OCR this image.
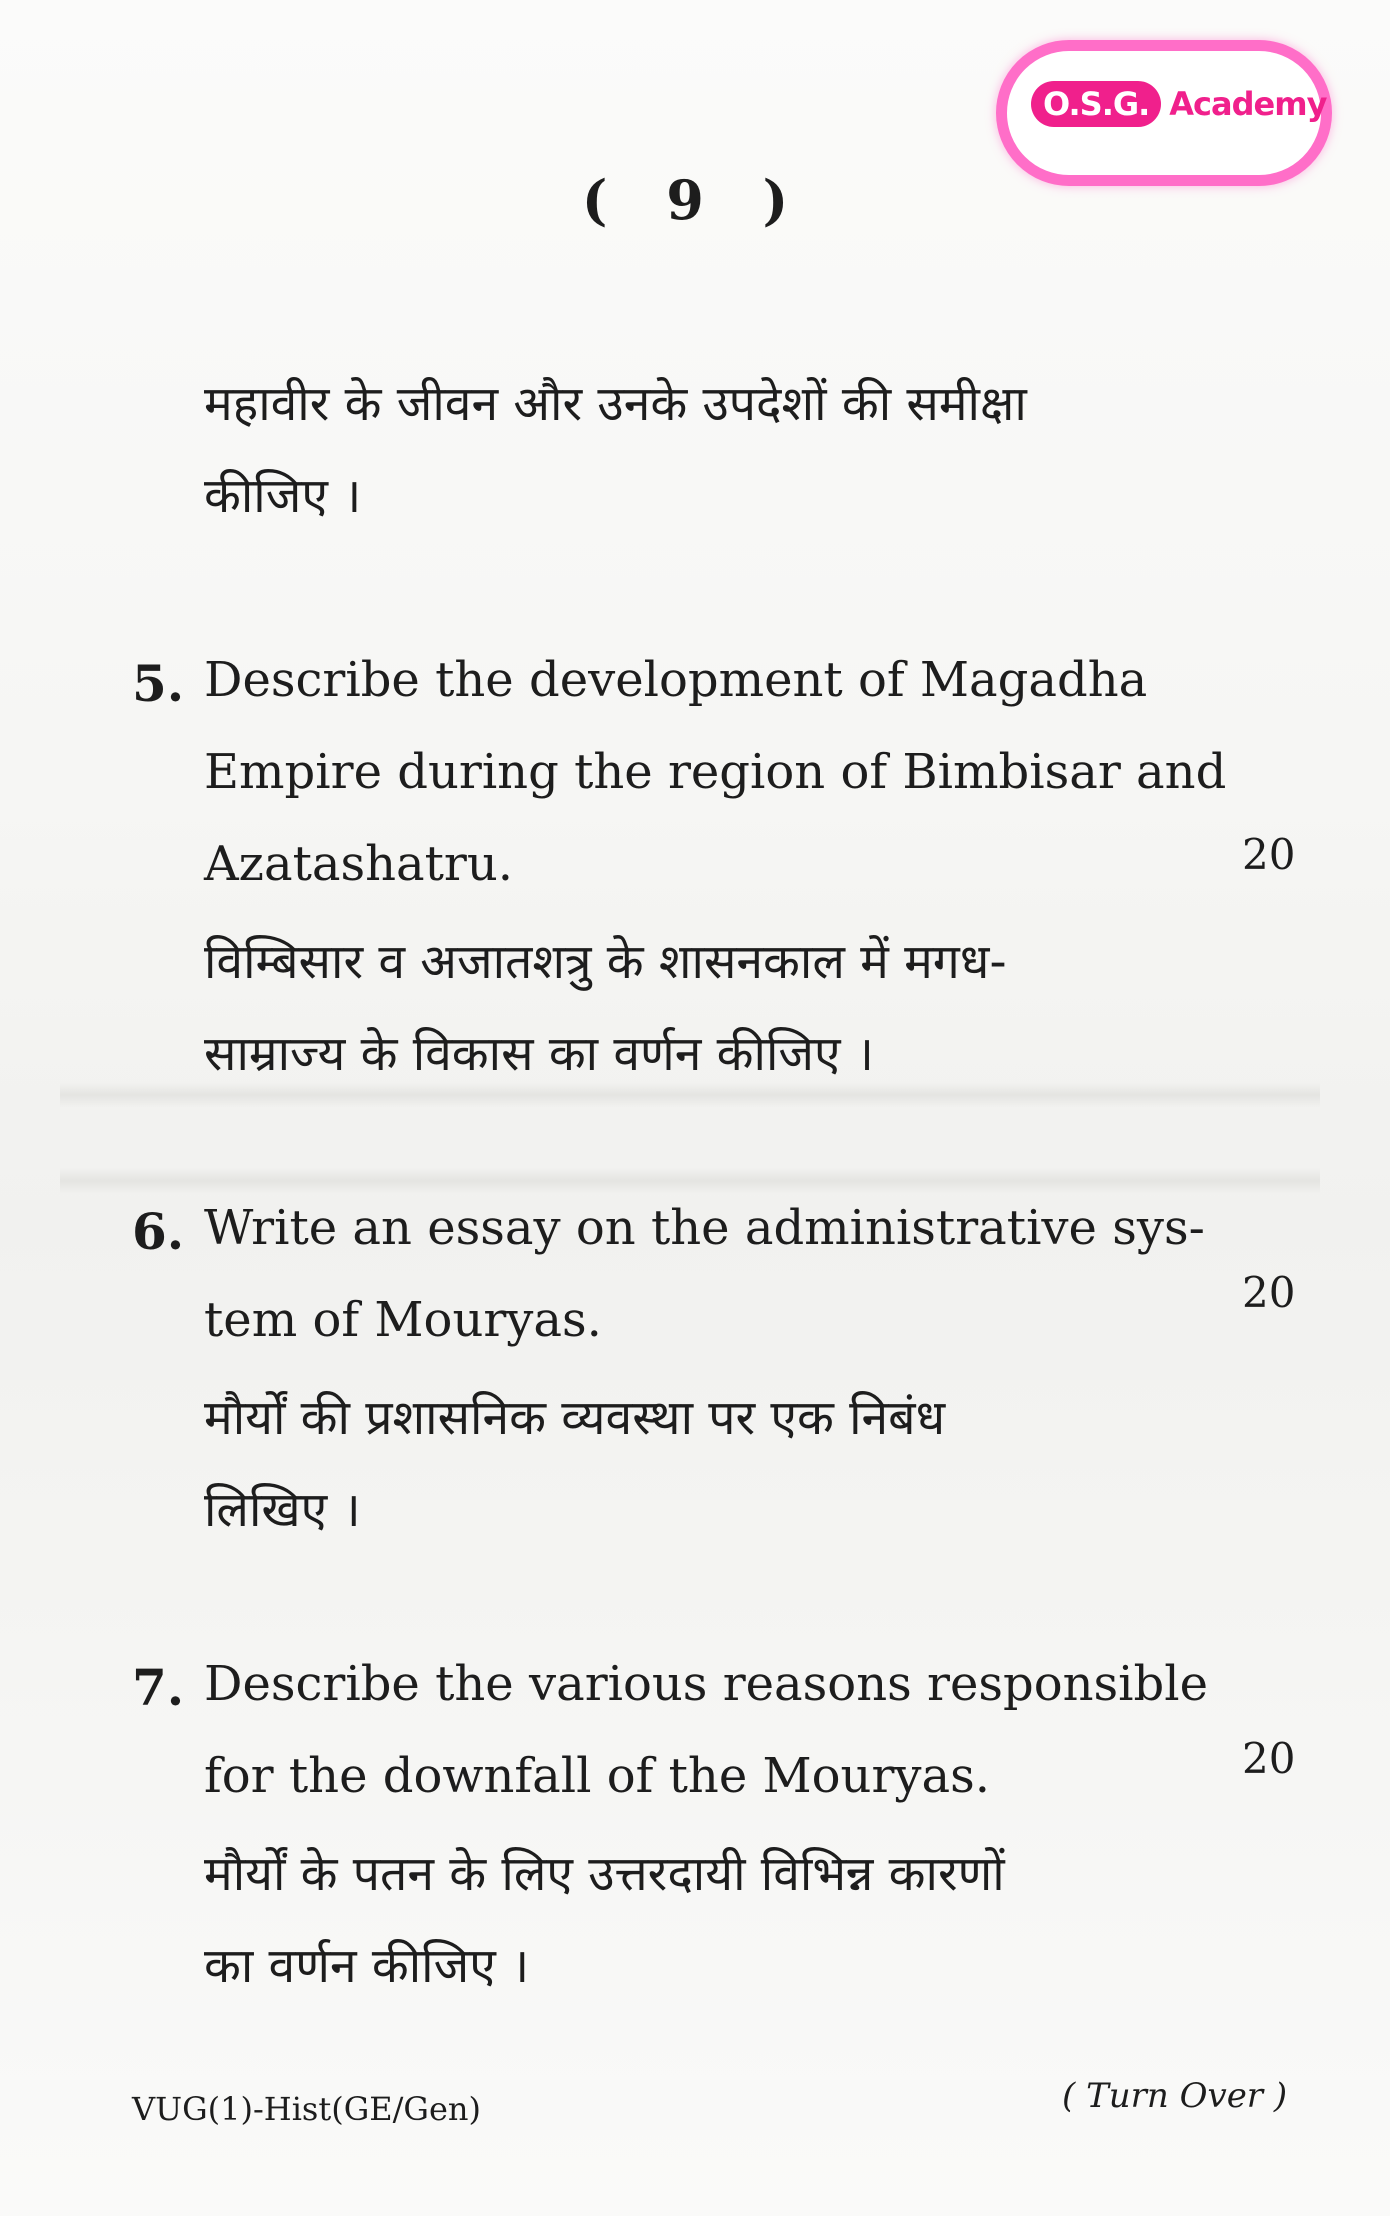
O.S.G. Academy
( 9 )
महावीर के जीवन और उनके उपदेशों की समीक्षा
कीजिए ।
5. Describe the development of Magadha
Empire during the region of Bimbisar and
Azatashatru.
विम्बिसार व अजातशत्रु के शासनकाल में मगध-
साम्राज्य के विकास का वर्णन कीजिए ।
20
6. Write an essay on the administrative sys-
tem of Mouryas.
मौर्यों की प्रशासनिक व्यवस्था पर एक निबंध
लिखिए ।
20
7. Describe the various reasons responsible
for the downfall of the Mouryas.
मौर्यों के पतन के लिए उत्तरदायी विभिन्न कारणों
का वर्णन कीजिए ।
20
VUG(1)-Hist(GE/Gen)	( Turn Over )
